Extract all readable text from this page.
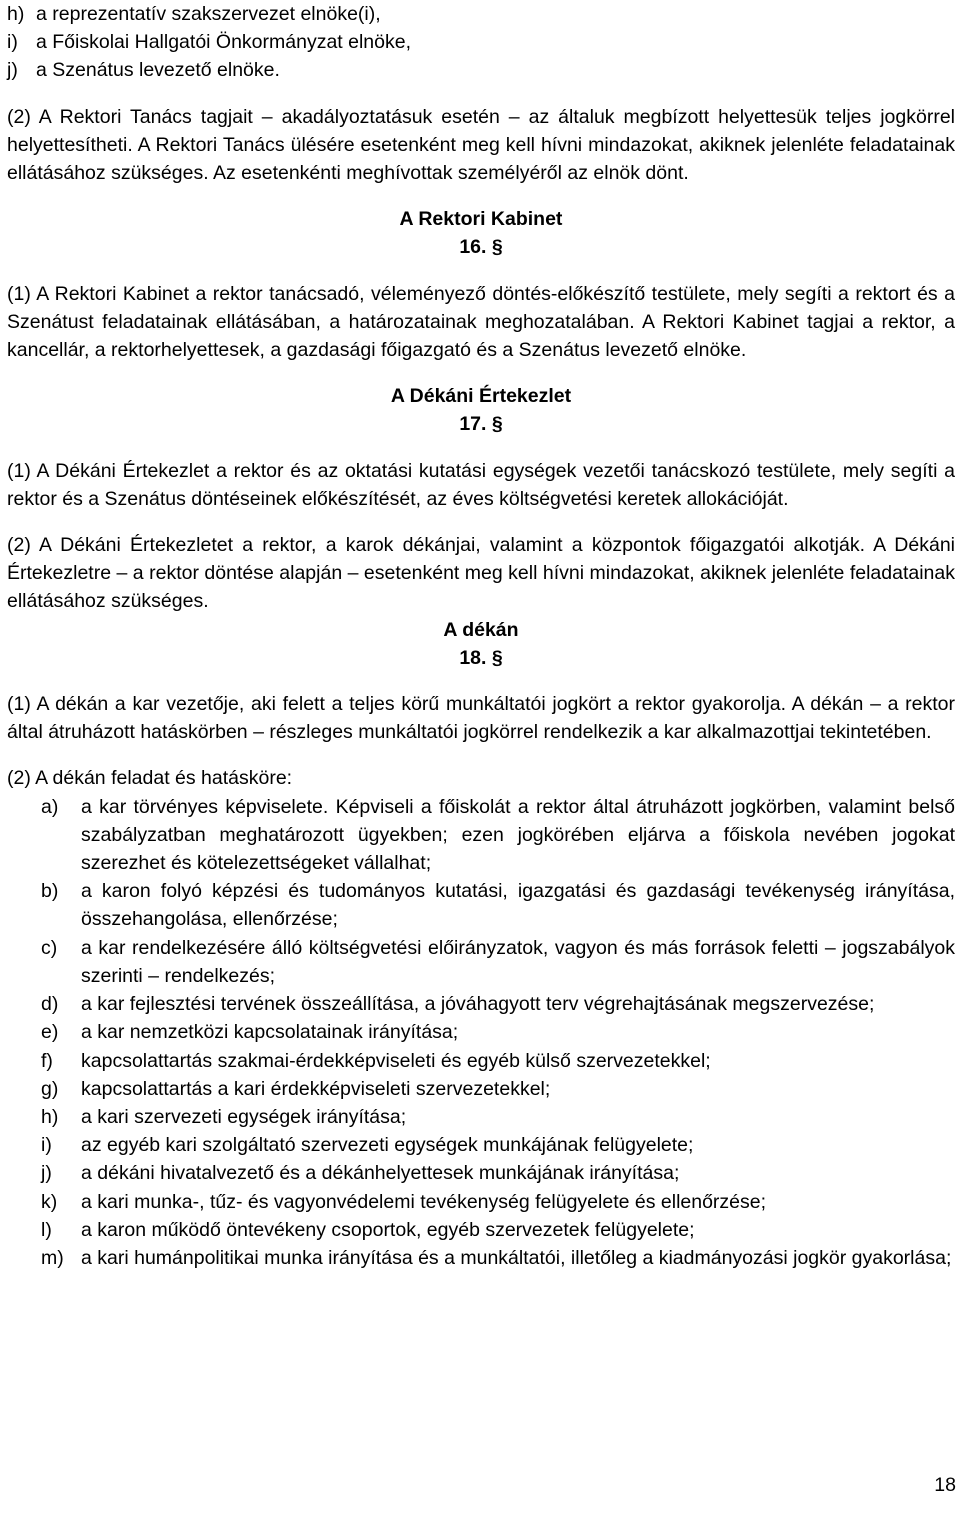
h) a reprezentatív szakszervezet elnöke(i),
i) a Főiskolai Hallgatói Önkormányzat elnöke,
j) a Szenátus levezető elnöke.

(2) A Rektori Tanács tagjait – akadályoztatásuk esetén – az általuk megbízott helyettesük teljes jogkörrel helyettesítheti. A Rektori Tanács ülésére esetenként meg kell hívni mindazokat, akiknek jelenléte feladatainak ellátásához szükséges. Az esetenkénti meghívottak személyéről az elnök dönt.

A Rektori Kabinet

16. §

(1) A Rektori Kabinet a rektor tanácsadó, véleményező döntés-előkészítő testülete, mely segíti a rektort és a Szenátust feladatainak ellátásában, a határozatainak meghozatalában. A Rektori Kabinet tagjai a rektor, a kancellár, a rektorhelyettesek, a gazdasági főigazgató és a Szenátus levezető elnöke.

A Dékáni Értekezlet

17. §

(1) A Dékáni Értekezlet a rektor és az oktatási kutatási egységek vezetői tanácskozó testülete, mely segíti a rektor és a Szenátus döntéseinek előkészítését, az éves költségvetési keretek allokációját.

(2) A Dékáni Értekezletet a rektor, a karok dékánjai, valamint a központok főigazgatói alkotják. A Dékáni Értekezletre – a rektor döntése alapján – esetenként meg kell hívni mindazokat, akiknek jelenléte feladatainak ellátásához szükséges.

A dékán

18. §

(1) A dékán a kar vezetője, aki felett a teljes körű munkáltatói jogkört a rektor gyakorolja. A dékán – a rektor által átruházott hatáskörben – részleges munkáltatói jogkörrel rendelkezik a kar alkalmazottjai tekintetében.

(2) A dékán feladat és hatásköre:

a)	a kar törvényes képviselete. Képviseli a főiskolát a rektor által átruházott jogkörben, valamint belső szabályzatban meghatározott ügyekben; ezen jogkörében eljárva a főiskola nevében jogokat szerezhet és kötelezettségeket vállalhat;
b)	a karon folyó képzési és tudományos kutatási, igazgatási és gazdasági tevékenység irányítása, összehangolása, ellenőrzése;
c)	a kar rendelkezésére álló költségvetési előirányzatok, vagyon és más források feletti – jogszabályok szerinti – rendelkezés;
d)	a kar fejlesztési tervének összeállítása, a jóváhagyott terv végrehajtásának megszervezése;
e)	a kar nemzetközi kapcsolatainak irányítása;
f)	kapcsolattartás szakmai-érdekképviseleti és egyéb külső szervezetekkel;
g)	kapcsolattartás a kari érdekképviseleti szervezetekkel;
h)	a kari szervezeti egységek irányítása;
i)	az egyéb kari szolgáltató szervezeti egységek munkájának felügyelete;
j)	a dékáni hivatalvezető és a dékánhelyettesek munkájának irányítása;
k)	a kari munka-, tűz- és vagyonvédelemi tevékenység felügyelete és ellenőrzése;
l)	a karon működő öntevékeny csoportok, egyéb szervezetek felügyelete;
m) a kari humánpolitikai munka irányítása és a munkáltatói, illetőleg a kiadmányozási jogkör gyakorlása;
18
